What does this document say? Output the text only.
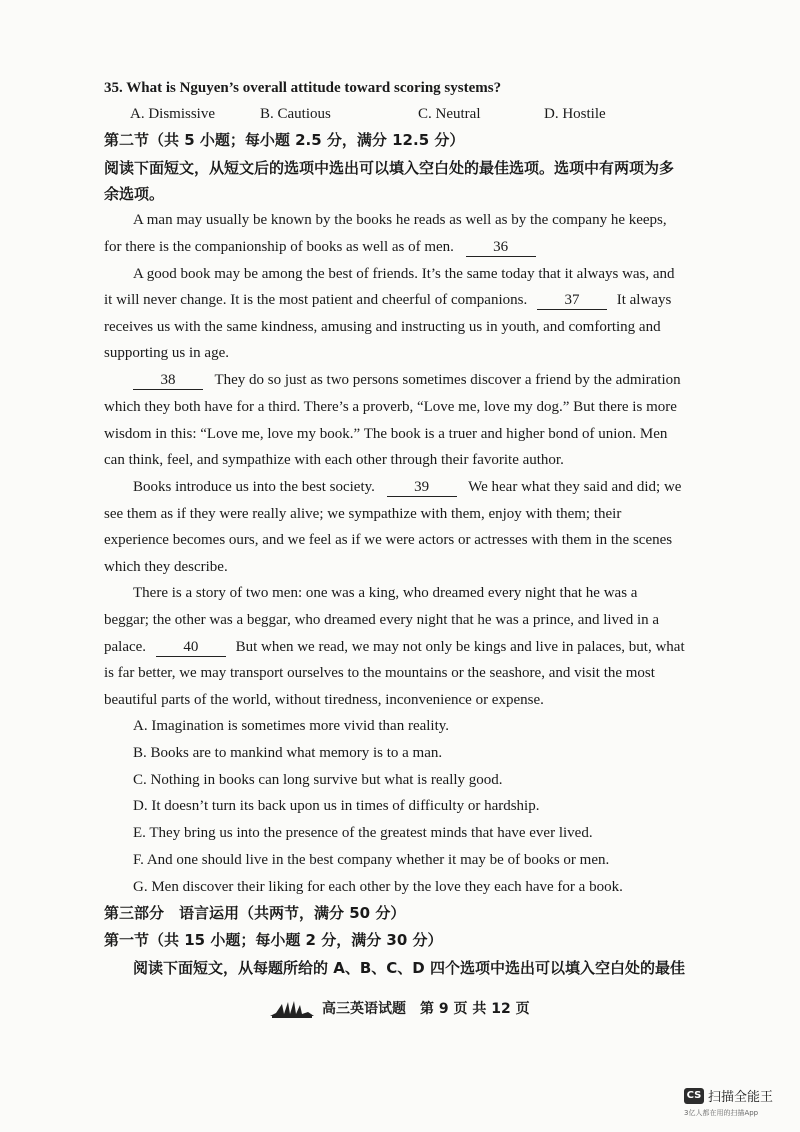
35. What is Nguyen’s overall attitude toward scoring systems?
A. Dismissive	B. Cautious	C. Neutral	D. Hostile
第二节（共 5 小题；每小题 2.5 分，满分 12.5 分）
阅读下面短文，从短文后的选项中选出可以填入空白处的最佳选项。选项中有两项为多
余选项。
A man may usually be known by the books he reads as well as by the company he keeps,
for there is the companionship of books as well as of men.	36
A good book may be among the best of friends. It’s the same today that it always was, and
it will never change. It is the most patient and cheerful of companions. 37 It always
receives us with the same kindness, amusing and instructing us in youth, and comforting and
supporting us in age.
38	They do so just as two persons sometimes discover a friend by the admiration
which they both have for a third. There’s a proverb, “Love me, love my dog.” But there is more
wisdom in this: “Love me, love my book.” The book is a truer and higher bond of union. Men
can think, feel, and sympathize with each other through their favorite author.
Books introduce us into the best society.	39	We hear what they said and did; we
see them as if they were really alive; we sympathize with them, enjoy with them; their
experience becomes ours, and we feel as if we were actors or actresses with them in the scenes
which they describe.
There is a story of two men: one was a king, who dreamed every night that he was a
beggar; the other was a beggar, who dreamed every night that he was a prince, and lived in a
palace. 40 But when we read, we may not only be kings and live in palaces, but, what
is far better, we may transport ourselves to the mountains or the seashore, and visit the most
beautiful parts of the world, without tiredness, inconvenience or expense.
A. Imagination is sometimes more vivid than reality.
B. Books are to mankind what memory is to a man.
C. Nothing in books can long survive but what is really good.
D. It doesn’t turn its back upon us in times of difficulty or hardship.
E. They bring us into the presence of the greatest minds that have ever lived.
F. And one should live in the best company whether it may be of books or men.
G. Men discover their liking for each other by the love they each have for a book.
第三部分　语言运用（共两节，满分 50 分）
第一节（共 15 小题；每小题 2 分，满分 30 分）
阅读下面短文，从每题所给的 A、B、C、D 四个选项中选出可以填入空白处的最佳
高三英语试题　第 9 页 共 12 页
CS 扫描全能王
3亿人都在用的扫描App
